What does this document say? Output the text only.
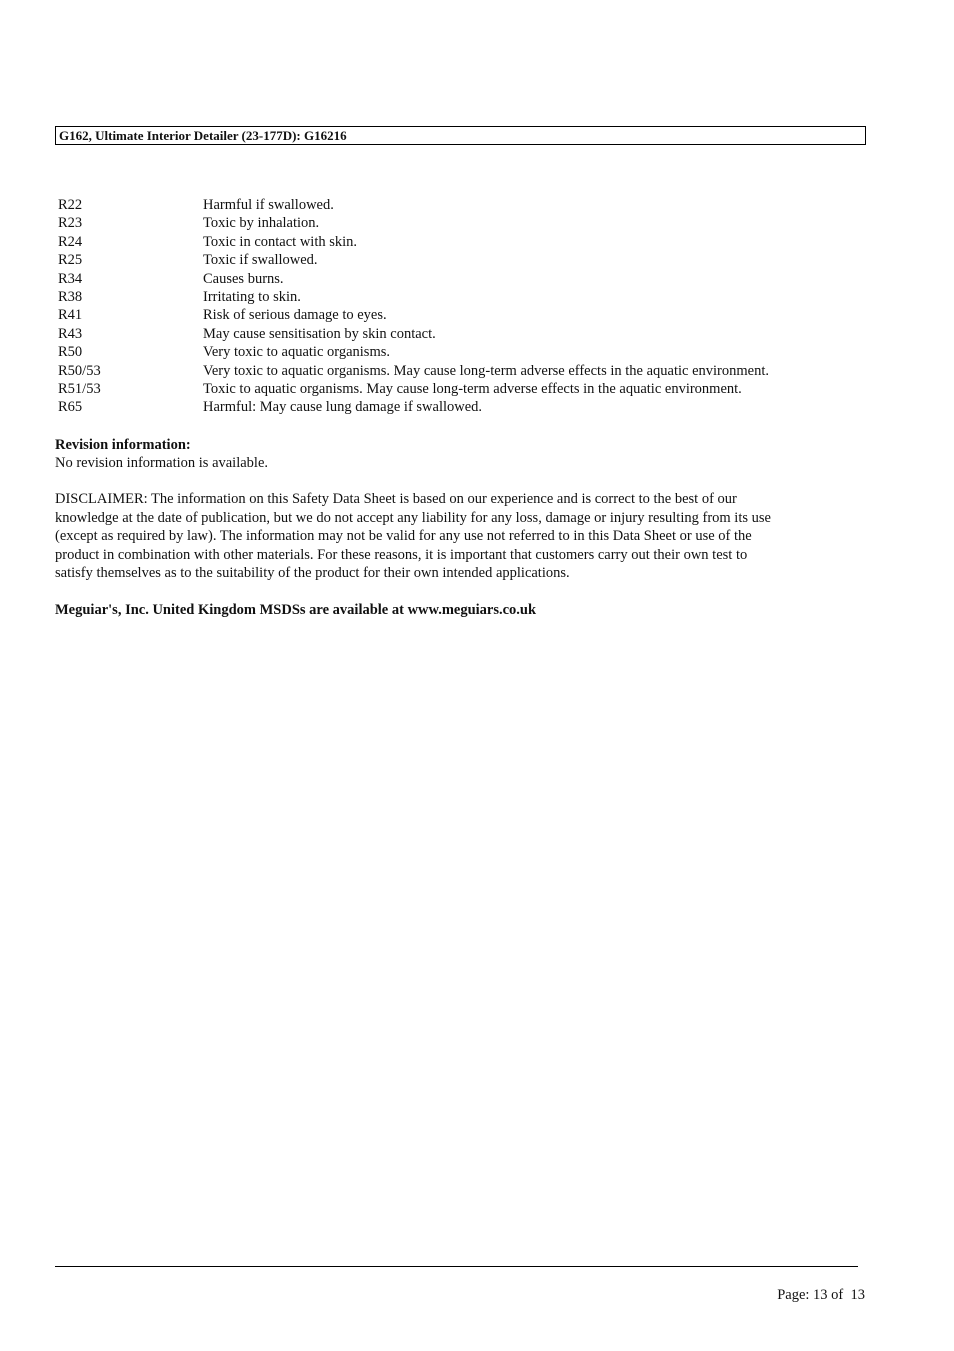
G162, Ultimate Interior Detailer (23-177D): G16216
R22	Harmful if swallowed.
R23	Toxic by inhalation.
R24	Toxic in contact with skin.
R25	Toxic if swallowed.
R34	Causes burns.
R38	Irritating to skin.
R41	Risk of serious damage to eyes.
R43	May cause sensitisation by skin contact.
R50	Very toxic to aquatic organisms.
R50/53	Very toxic to aquatic organisms. May cause long-term adverse effects in the aquatic environment.
R51/53	Toxic to aquatic organisms. May cause long-term adverse effects in the aquatic environment.
R65	Harmful: May cause lung damage if swallowed.
Revision information:
No revision information is available.
DISCLAIMER: The information on this Safety Data Sheet is based on our experience and is correct to the best of our
knowledge at the date of publication, but we do not accept any liability for any loss, damage or injury resulting from its use
(except as required by law). The information may not be valid for any use not referred to in this Data Sheet or use of the
product in combination with other materials. For these reasons, it is important that customers carry out their own test to
satisfy themselves as to the suitability of the product for their own intended applications.
Meguiar's, Inc. United Kingdom MSDSs are available at www.meguiars.co.uk
Page: 13 of  13
